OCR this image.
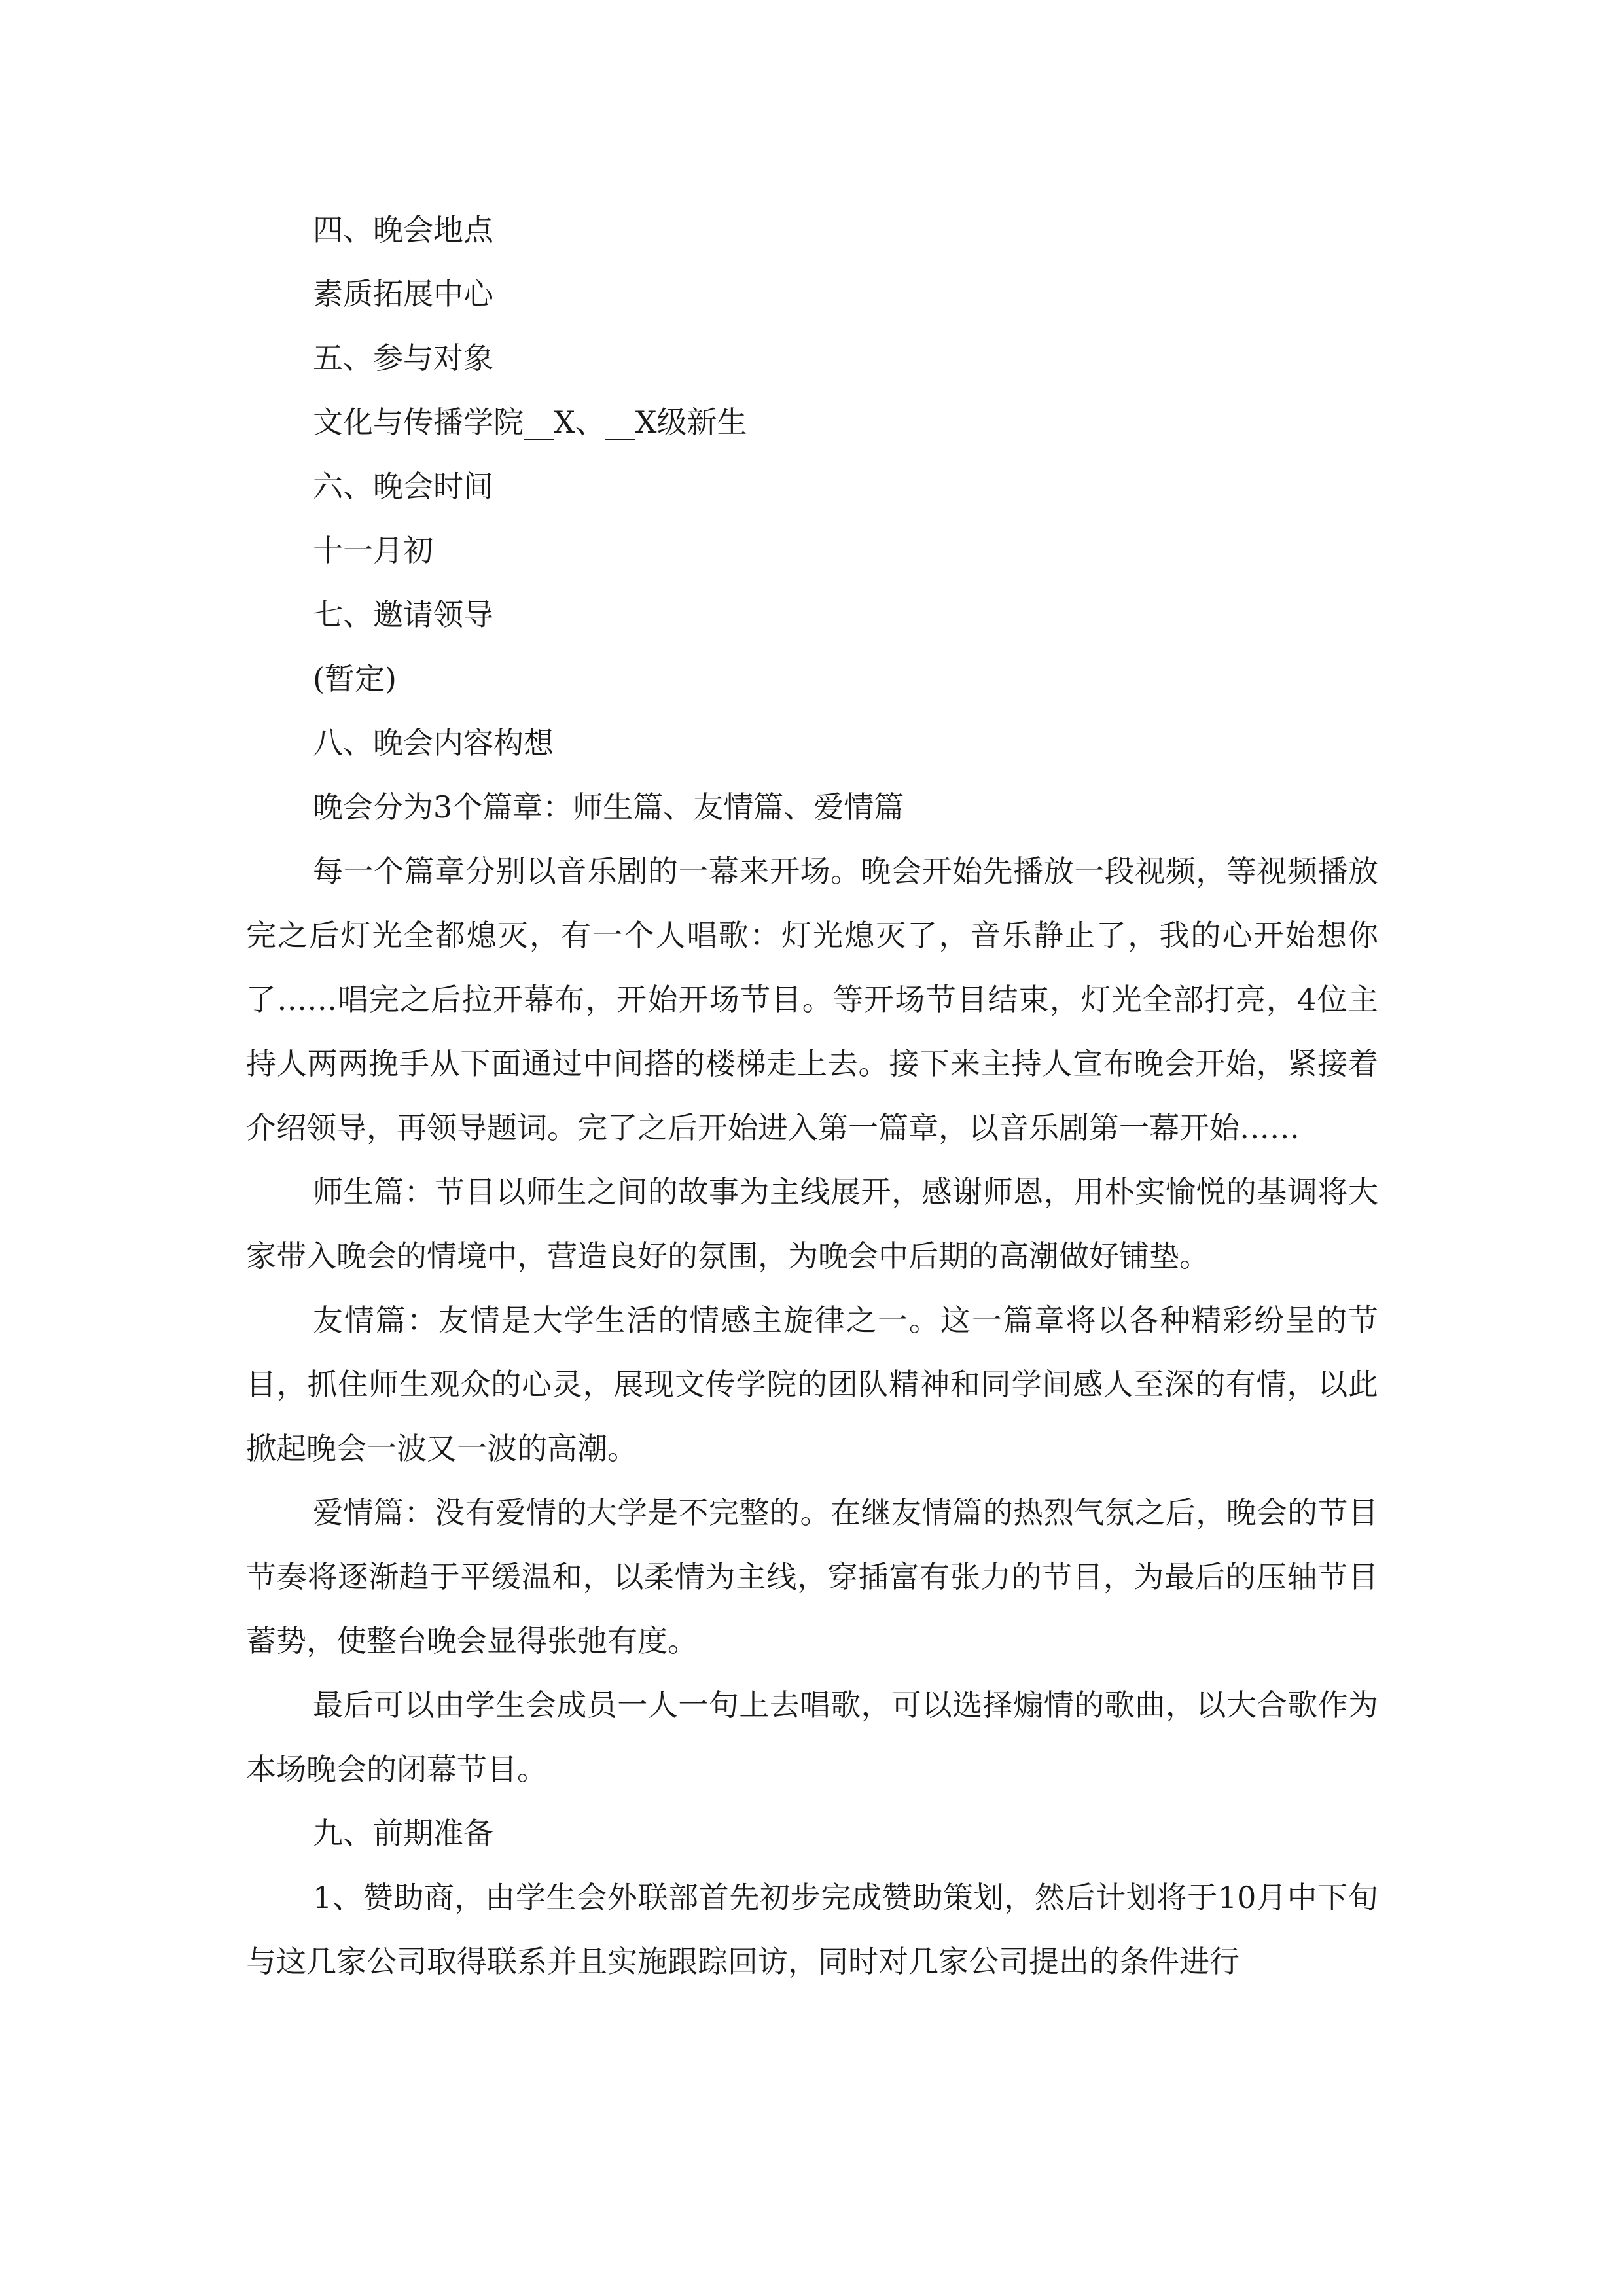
四、晚会地点

素质拓展中心

五、参与对象

文化与传播学院__X、__X级新生

六、晚会时间

十一月初

七、邀请领导

(暂定)

八、晚会内容构想

晚会分为3个篇章：师生篇、友情篇、爱情篇

每一个篇章分别以音乐剧的一幕来开场。晚会开始先播放一段视频，等视频播放完之后灯光全都熄灭，有一个人唱歌：灯光熄灭了，音乐静止了，我的心开始想你了……唱完之后拉开幕布，开始开场节目。等开场节目结束，灯光全部打亮，4位主持人两两挽手从下面通过中间搭的楼梯走上去。接下来主持人宣布晚会开始，紧接着介绍领导，再领导题词。完了之后开始进入第一篇章，以音乐剧第一幕开始……

师生篇：节目以师生之间的故事为主线展开，感谢师恩，用朴实愉悦的基调将大家带入晚会的情境中，营造良好的氛围，为晚会中后期的高潮做好铺垫。

友情篇：友情是大学生活的情感主旋律之一。这一篇章将以各种精彩纷呈的节目，抓住师生观众的心灵，展现文传学院的团队精神和同学间感人至深的有情，以此掀起晚会一波又一波的高潮。

爱情篇：没有爱情的大学是不完整的。在继友情篇的热烈气氛之后，晚会的节目节奏将逐渐趋于平缓温和，以柔情为主线，穿插富有张力的节目，为最后的压轴节目蓄势，使整台晚会显得张弛有度。

最后可以由学生会成员一人一句上去唱歌，可以选择煽情的歌曲，以大合歌作为本场晚会的闭幕节目。

九、前期准备

1、赞助商，由学生会外联部首先初步完成赞助策划，然后计划将于10月中下旬与这几家公司取得联系并且实施跟踪回访，同时对几家公司提出的条件进行
